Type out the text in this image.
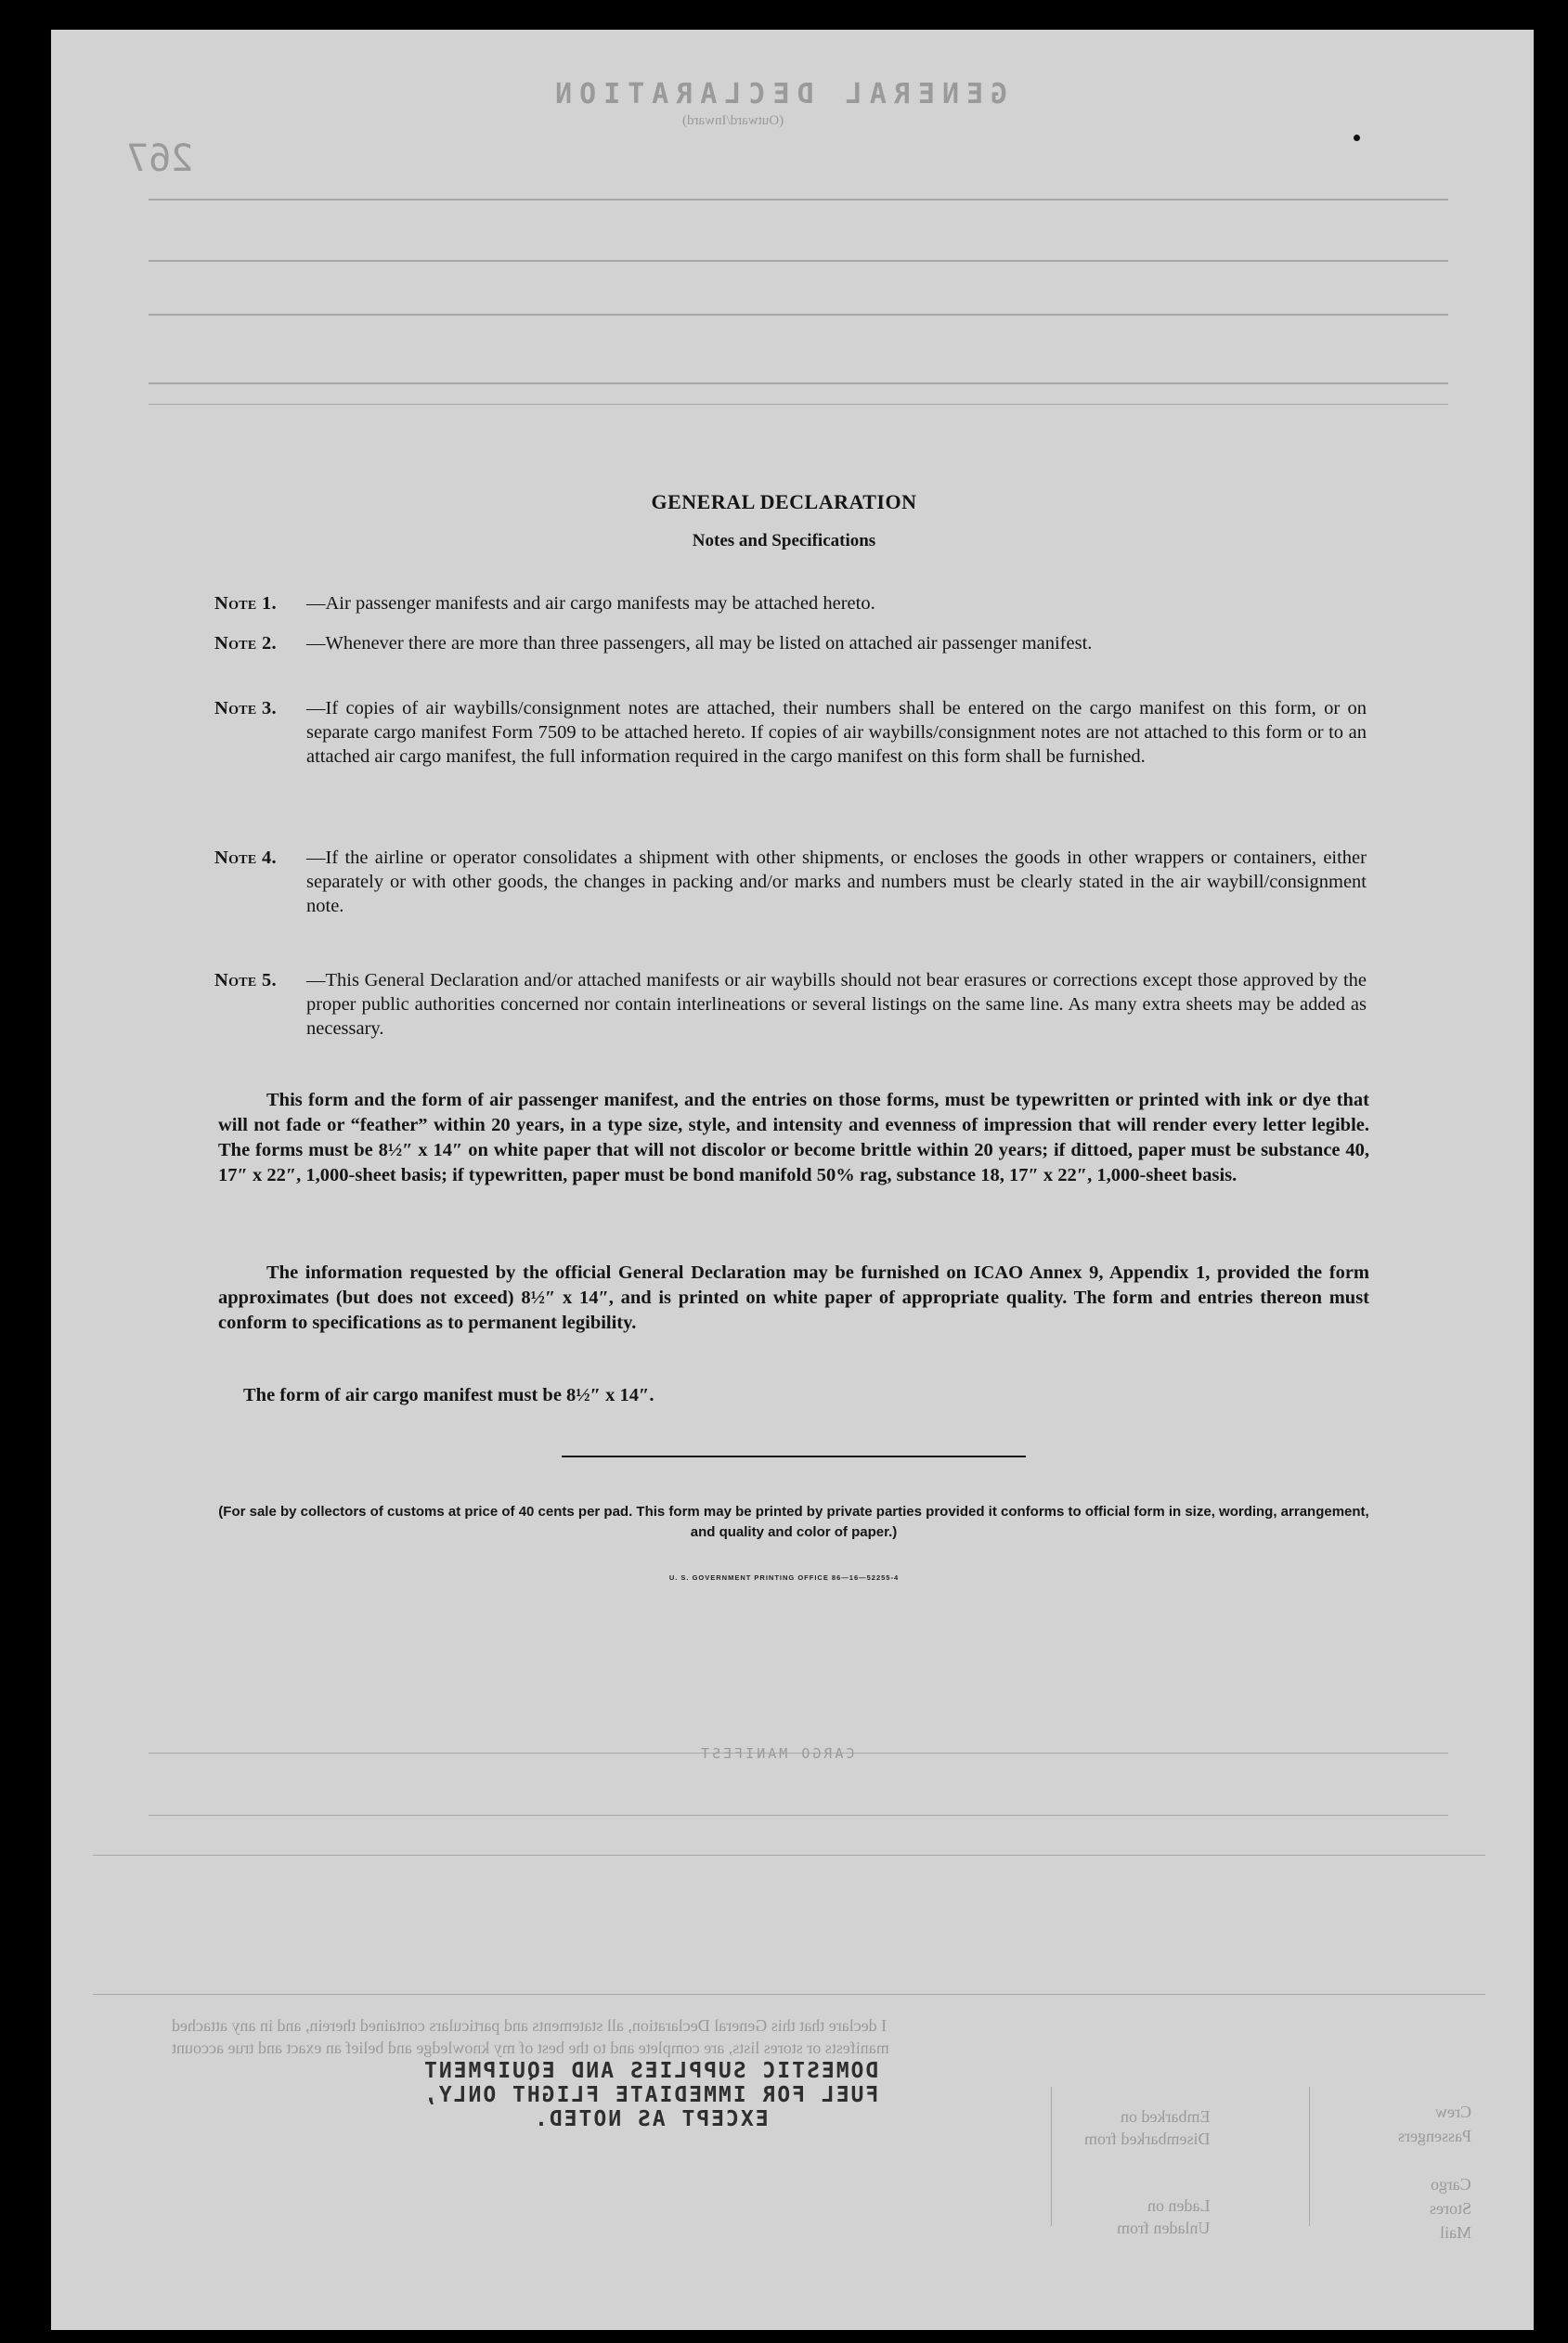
267
GENERAL DECLARATION
(Outward/Inward)
CARGO MANIFEST
I declare that this General Declaration, all statements and particulars contained therein, and in any attached
manifests or stores lists, are complete and to the best of my knowledge and belief an exact and true account
Crew
Passengers

Cargo
Stores
Mail
Embarked on
Disembarked from

Laden on
Unladen from
DOMESTIC SUPPLIES AND EQUIPMENT
FUEL FOR IMMEDIATE FLIGHT ONLY,
EXCEPT AS NOTED.
GENERAL DECLARATION
Notes and Specifications
Note 1. —Air passenger manifests and air cargo manifests may be attached hereto.
Note 2. —Whenever there are more than three passengers, all may be listed on attached air passenger manifest.
Note 3. —If copies of air waybills/consignment notes are attached, their numbers shall be entered on the cargo manifest on this form, or on separate cargo manifest Form 7509 to be attached hereto. If copies of air waybills/consignment notes are not attached to this form or to an attached air cargo manifest, the full information required in the cargo manifest on this form shall be furnished.
Note 4. —If the airline or operator consolidates a shipment with other shipments, or encloses the goods in other wrappers or containers, either separately or with other goods, the changes in packing and/or marks and numbers must be clearly stated in the air waybill/consignment note.
Note 5. —This General Declaration and/or attached manifests or air waybills should not bear erasures or corrections except those approved by the proper public authorities concerned nor contain interlineations or several listings on the same line. As many extra sheets may be added as necessary.
This form and the form of air passenger manifest, and the entries on those forms, must be typewritten or printed with ink or dye that will not fade or “feather” within 20 years, in a type size, style, and intensity and evenness of impression that will render every letter legible. The forms must be 8½″ x 14″ on white paper that will not discolor or become brittle within 20 years; if dittoed, paper must be substance 40, 17″ x 22″, 1,000-sheet basis; if typewritten, paper must be bond manifold 50% rag, substance 18, 17″ x 22″, 1,000-sheet basis.
The information requested by the official General Declaration may be furnished on ICAO Annex 9, Appendix 1, provided the form approximates (but does not exceed) 8½″ x 14″, and is printed on white paper of appropriate quality. The form and entries thereon must conform to specifications as to permanent legibility.
The form of air cargo manifest must be 8½″ x 14″.
(For sale by collectors of customs at price of 40 cents per pad. This form may be printed by private parties provided it conforms to official form in size, wording, arrangement, and quality and color of paper.)
U. S. GOVERNMENT PRINTING OFFICE 86—16—52255-4
